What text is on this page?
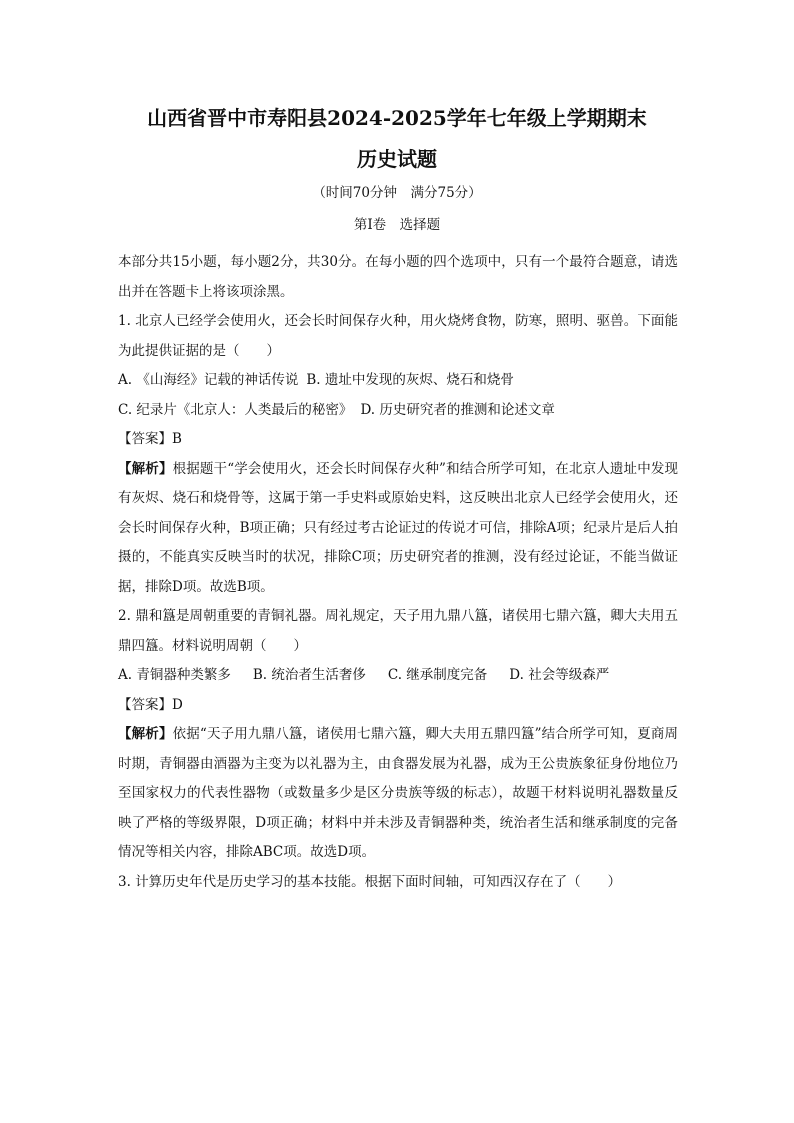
山西省晋中市寿阳县2024-2025学年七年级上学期期末
历史试题
（时间70分钟　满分75分）
第Ⅰ卷　选择题

本部分共15小题，每小题2分，共30分。在每小题的四个选项中，只有一个最符合题意，请选出并在答题卡上将该项涂黑。

1. 北京人已经学会使用火，还会长时间保存火种，用火烧烤食物，防寒，照明、驱兽。下面能为此提供证据的是（　　）

A. 《山海经》记载的神话传说 B. 遗址中发现的灰烬、烧石和烧骨
C. 纪录片《北京人：人类最后的秘密》 D. 历史研究者的推测和论述文章

【答案】B

【解析】根据题干“学会使用火，还会长时间保存火种”和结合所学可知，在北京人遗址中发现有灰烬、烧石和烧骨等，这属于第一手史料或原始史料，这反映出北京人已经学会使用火，还会长时间保存火种，B项正确；只有经过考古论证过的传说才可信，排除A项；纪录片是后人拍摄的，不能真实反映当时的状况，排除C项；历史研究者的推测，没有经过论证，不能当做证据，排除D项。故选B项。

2. 鼎和簋是周朝重要的青铜礼器。周礼规定，天子用九鼎八簋，诸侯用七鼎六簋，卿大夫用五鼎四簋。材料说明周朝（　　）

A. 青铜器种类繁多 B. 统治者生活奢侈 C. 继承制度完备 D. 社会等级森严

【答案】D

【解析】依据“天子用九鼎八簋，诸侯用七鼎六簋，卿大夫用五鼎四簋”结合所学可知，夏商周时期，青铜器由酒器为主变为以礼器为主，由食器发展为礼器，成为王公贵族象征身份地位乃至国家权力的代表性器物（或数量多少是区分贵族等级的标志），故题干材料说明礼器数量反映了严格的等级界限，D项正确；材料中并未涉及青铜器种类，统治者生活和继承制度的完备情况等相关内容，排除ABC项。故选D项。

3. 计算历史年代是历史学习的基本技能。根据下面时间轴，可知西汉存在了（　　）
